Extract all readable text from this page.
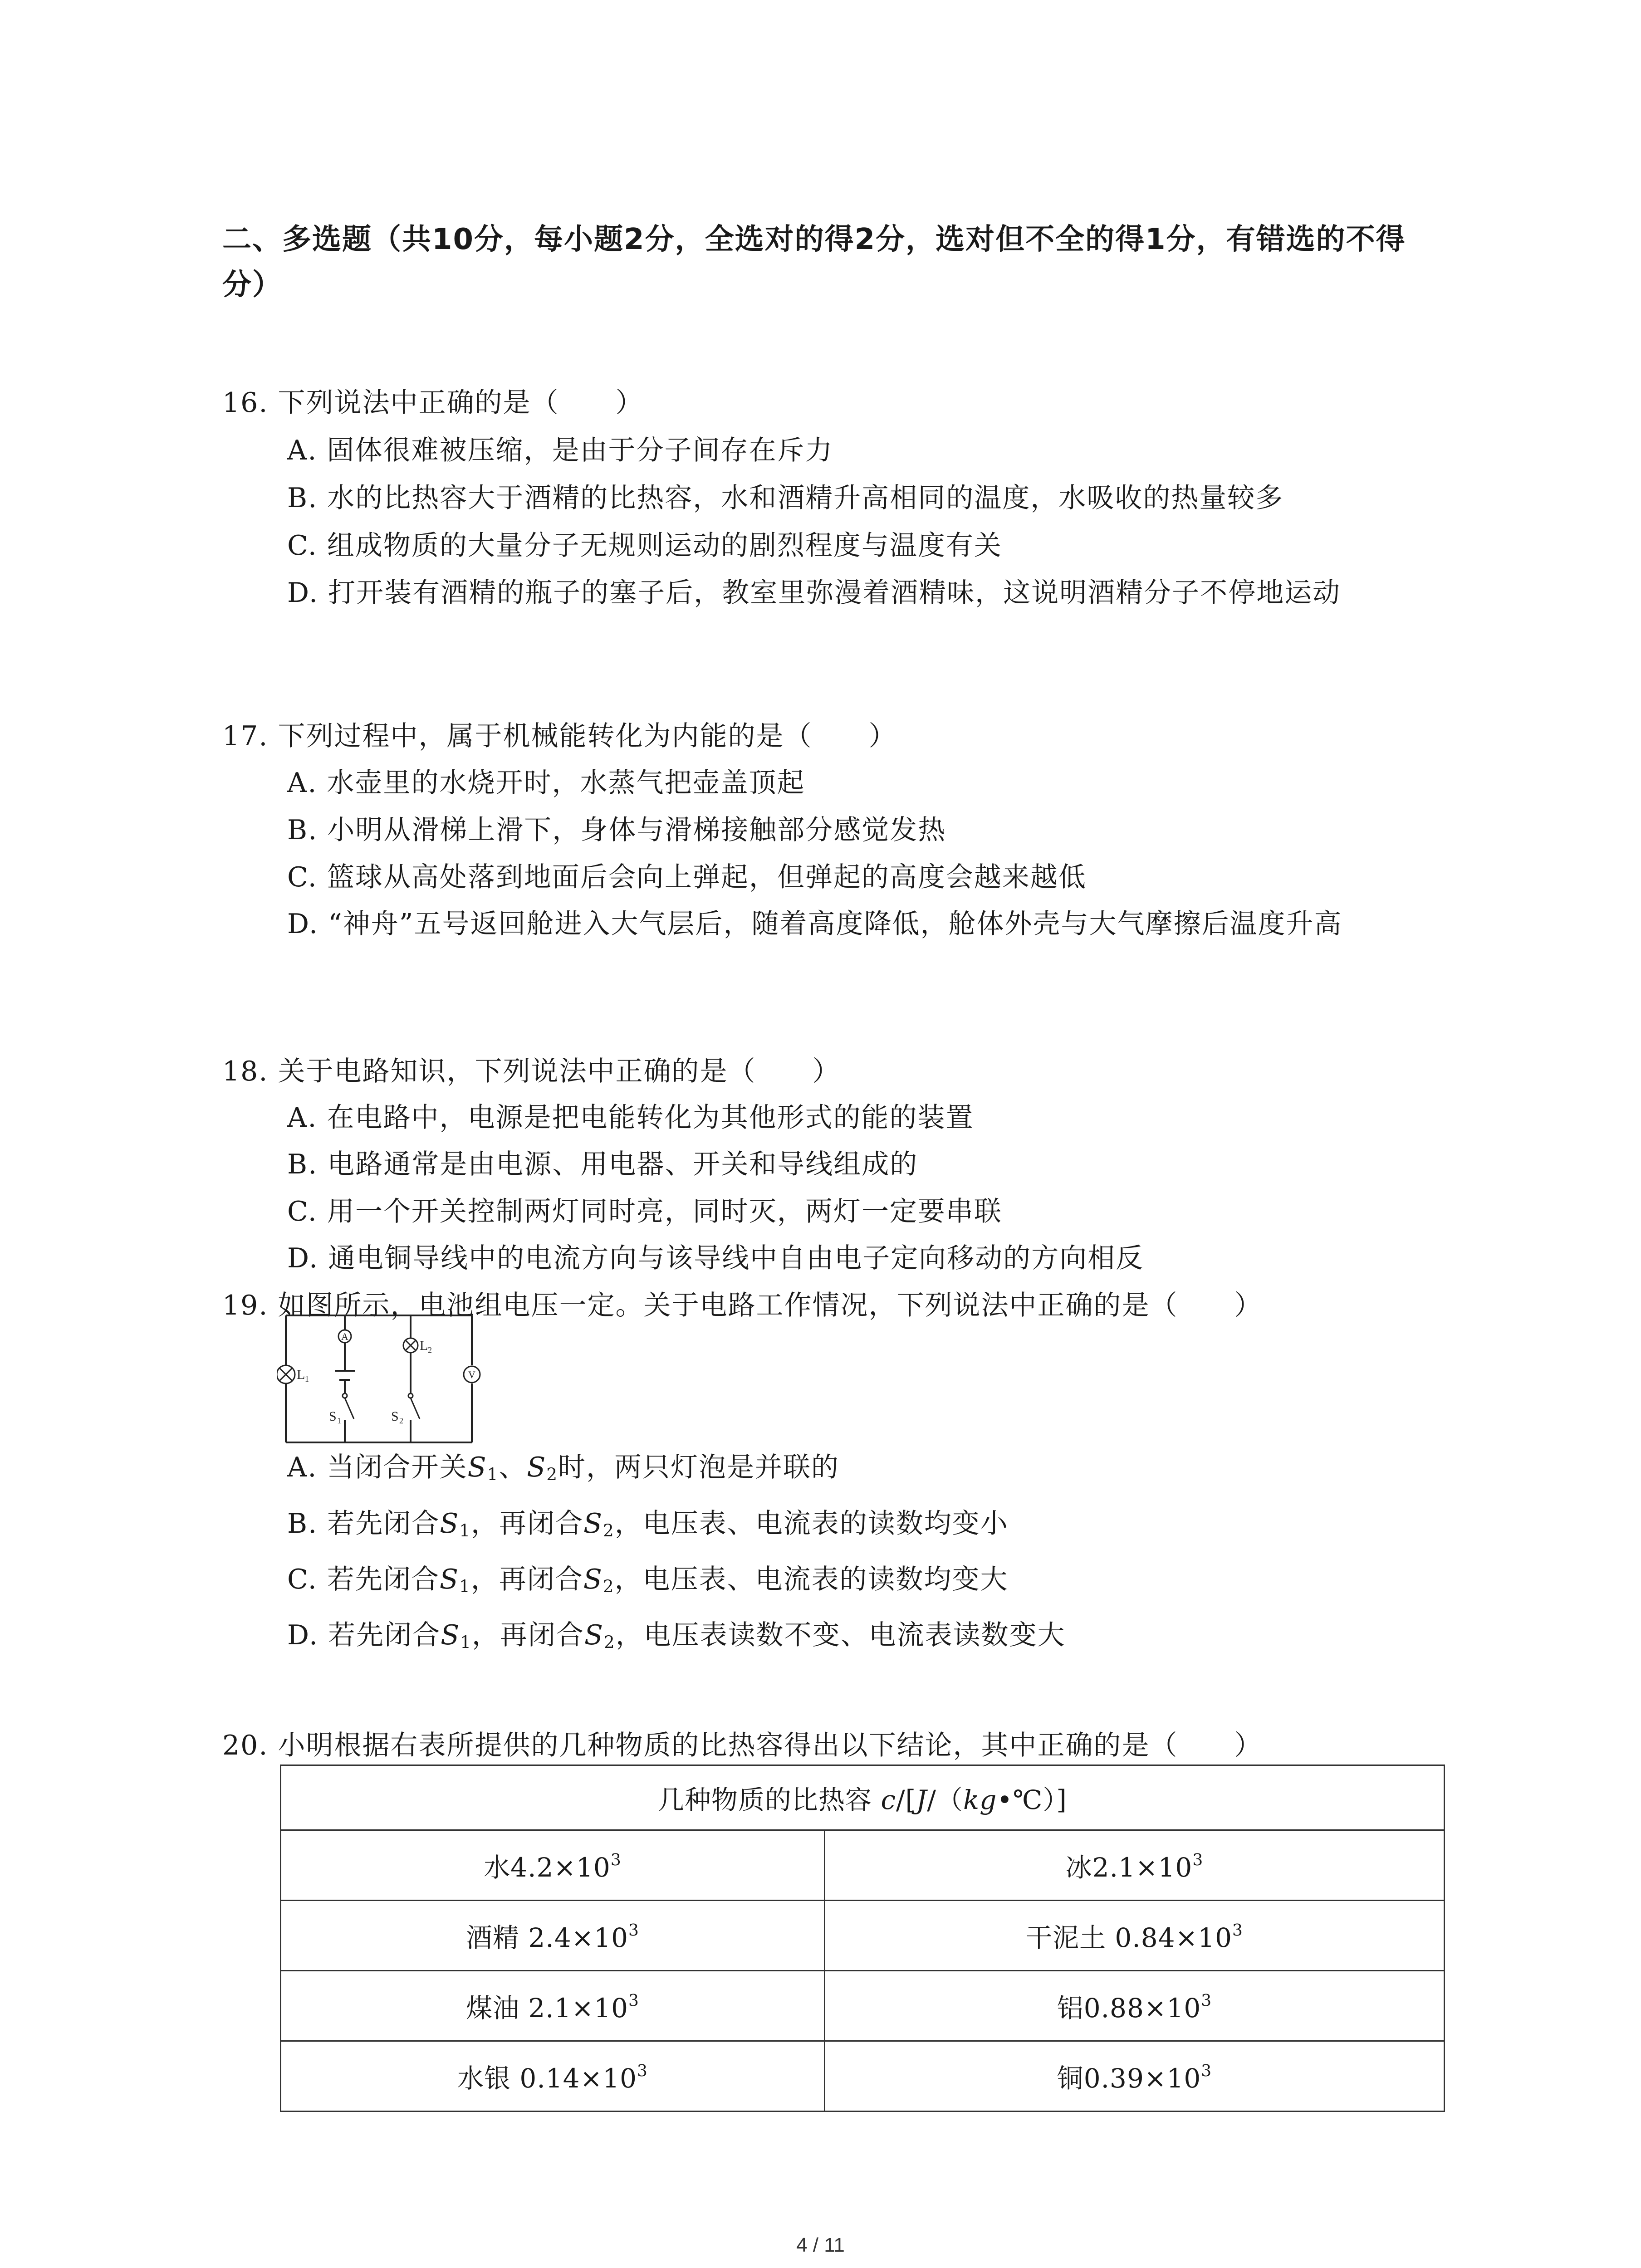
二、多选题（共10分，每小题2分，全选对的得2分，选对但不全的得1分，有错选的不得分）
16. 下列说法中正确的是（　　）
A. 固体很难被压缩，是由于分子间存在斥力
B. 水的比热容大于酒精的比热容，水和酒精升高相同的温度，水吸收的热量较多
C. 组成物质的大量分子无规则运动的剧烈程度与温度有关
D. 打开装有酒精的瓶子的塞子后，教室里弥漫着酒精味，这说明酒精分子不停地运动
17. 下列过程中，属于机械能转化为内能的是（　　）
A. 水壶里的水烧开时，水蒸气把壶盖顶起
B. 小明从滑梯上滑下，身体与滑梯接触部分感觉发热
C. 篮球从高处落到地面后会向上弹起，但弹起的高度会越来越低
D. “神舟”五号返回舱进入大气层后，随着高度降低，舱体外壳与大气摩擦后温度升高
18. 关于电路知识，下列说法中正确的是（　　）
A. 在电路中，电源是把电能转化为其他形式的能的装置
B. 电路通常是由电源、用电器、开关和导线组成的
C. 用一个开关控制两灯同时亮，同时灭，两灯一定要串联
D. 通电铜导线中的电流方向与该导线中自由电子定向移动的方向相反
19. 如图所示，电池组电压一定。关于电路工作情况，下列说法中正确的是（　　）
A
V
L 1
L 2
S 1	S 2
A. 当闭合开关$S_1$、$S_2$时，两只灯泡是并联的
B. 若先闭合$S_1$，再闭合$S_2$，电压表、电流表的读数均变小
C. 若先闭合$S_1$，再闭合$S_2$，电压表、电流表的读数均变大
D. 若先闭合$S_1$，再闭合$S_2$，电压表读数不变、电流表读数变大
20. 小明根据右表所提供的几种物质的比热容得出以下结论，其中正确的是（　　）
几种物质的比热容 c/[J/（kg•℃）]	
水$4.2\times 10^3$	冰$2.1\times 10^3$
酒精 $2.4\times 10^3$	干泥土 $0.84\times 10^3$
煤油 $2.1\times 10^3$	铝$0.88\times 10^3$
水银 $0.14\times 10^3$	铜$0.39\times 10^3$
4 / 11
